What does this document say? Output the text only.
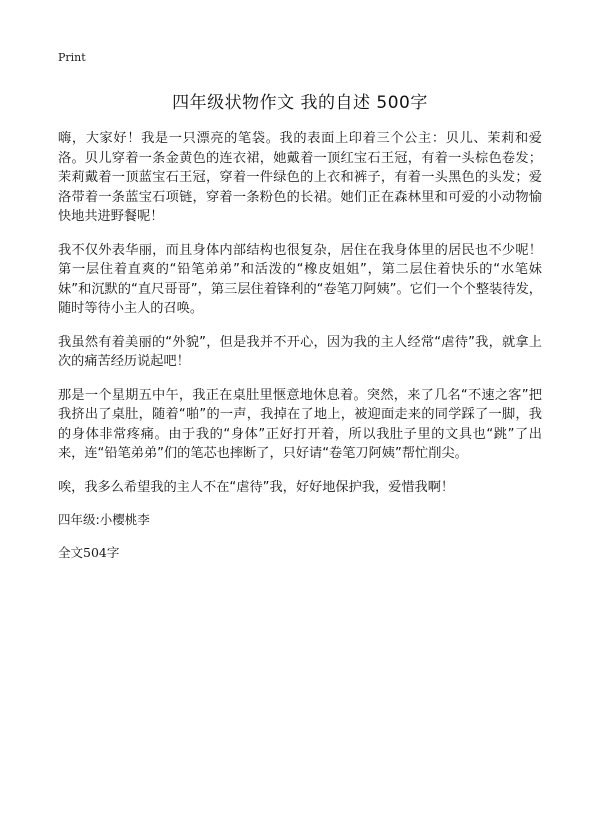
Print
四年级状物作文 我的自述 500字

嗨，大家好！我是一只漂亮的笔袋。我的表面上印着三个公主：贝儿、茉莉和爱洛。贝儿穿着一条金黄色的连衣裙，她戴着一顶红宝石王冠，有着一头棕色卷发；茉莉戴着一顶蓝宝石王冠，穿着一件绿色的上衣和裤子，有着一头黑色的头发；爱洛带着一条蓝宝石项链，穿着一条粉色的长裙。她们正在森林里和可爱的小动物愉快地共进野餐呢！

我不仅外表华丽，而且身体内部结构也很复杂，居住在我身体里的居民也不少呢！第一层住着直爽的“铅笔弟弟”和活泼的“橡皮姐姐”，第二层住着快乐的“水笔妹妹”和沉默的“直尺哥哥”，第三层住着锋利的“卷笔刀阿姨”。它们一个个整装待发，随时等待小主人的召唤。

我虽然有着美丽的“外貌”，但是我并不开心，因为我的主人经常“虐待”我，就拿上次的痛苦经历说起吧！

那是一个星期五中午，我正在桌肚里惬意地休息着。突然，来了几名“不速之客”把我挤出了桌肚，随着“啪”的一声，我掉在了地上，被迎面走来的同学踩了一脚，我的身体非常疼痛。由于我的“身体”正好打开着，所以我肚子里的文具也“跳”了出来，连“铅笔弟弟”们的笔芯也摔断了，只好请“卷笔刀阿姨”帮忙削尖。

唉，我多么希望我的主人不在“虐待”我，好好地保护我，爱惜我啊！

四年级:小樱桃李

全文504字
